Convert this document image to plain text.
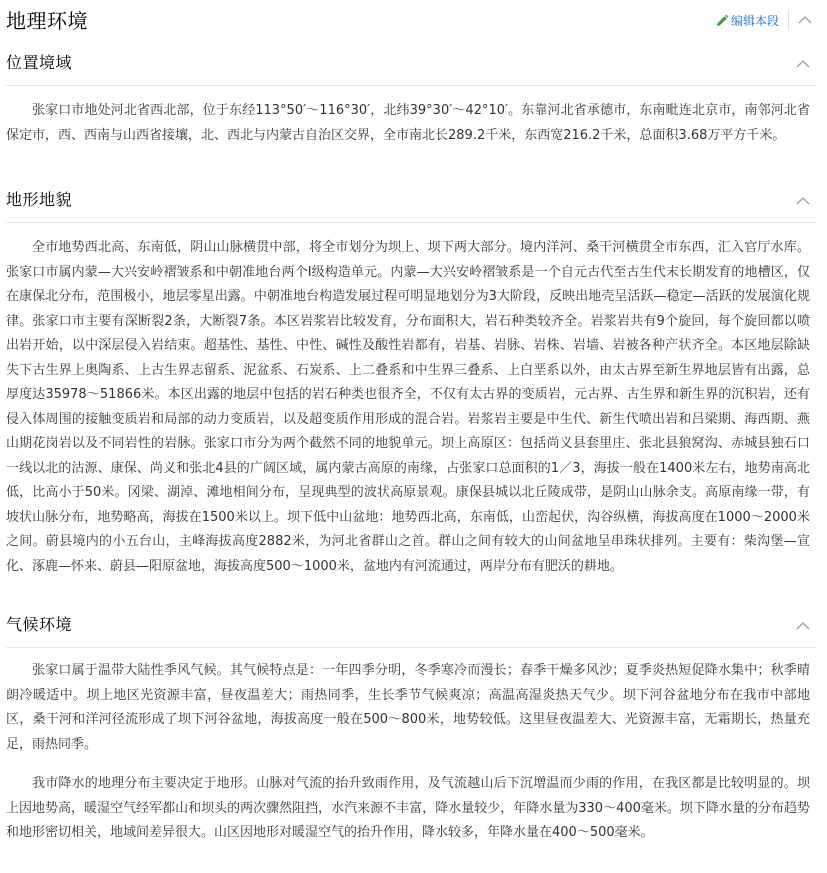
地理环境	编辑本段
位置境域

张家口市地处河北省西北部，位于东经113°50′～116°30′，北纬39°30′～42°10′。东靠河北省承德市，东南毗连北京市，南邻河北省保定市，西、西南与山西省接壤，北、西北与内蒙古自治区交界，全市南北长289.2千米，东西宽216.2千米，总面积3.68万平方千米。

地形地貌

全市地势西北高、东南低，阴山山脉横贯中部，将全市划分为坝上、坝下两大部分。境内洋河、桑干河横贯全市东西，汇入官厅水库。张家口市属内蒙—大兴安岭褶皱系和中朝准地台两个Ⅰ级构造单元。内蒙—大兴安岭褶皱系是一个自元古代至古生代末长期发育的地槽区，仅在康保北分布，范围极小，地层零星出露。中朝准地台构造发展过程可明显地划分为3大阶段，反映出地壳呈活跃—稳定—活跃的发展演化规律。张家口市主要有深断裂2条，大断裂7条。本区岩浆岩比较发育，分布面积大，岩石种类较齐全。岩浆岩共有9个旋回，每个旋回都以喷出岩开始，以中深层侵入岩结束。超基性、基性、中性、碱性及酸性岩都有，岩基、岩脉、岩株、岩墙、岩被各种产状齐全。本区地层除缺失下古生界上奥陶系、上古生界志留系、泥盆系、石炭系、上二叠系和中生界三叠系、上白垩系以外，由太古界至新生界地层皆有出露，总厚度达35978～51866米。本区出露的地层中包括的岩石种类也很齐全，不仅有太古界的变质岩，元古界、古生界和新生界的沉积岩，还有侵入体周围的接触变质岩和局部的动力变质岩，以及超变质作用形成的混合岩。岩浆岩主要是中生代、新生代喷出岩和吕梁期、海西期、燕山期花岗岩以及不同岩性的岩脉。张家口市分为两个截然不同的地貌单元。坝上高原区：包括尚义县套里庄、张北县狼窝沟、赤城县独石口一线以北的沽源、康保、尚义和张北4县的广阔区域，属内蒙古高原的南缘，占张家口总面积的1／3，海拔一般在1400米左右，地势南高北低，比高小于50米。冈梁、湖淖、滩地相间分布，呈现典型的波状高原景观。康保县城以北丘陵成带，是阴山山脉余支。高原南缘一带，有坡状山脉分布，地势略高，海拔在1500米以上。坝下低中山盆地：地势西北高，东南低，山峦起伏，沟谷纵横，海拔高度在1000～2000米之间。蔚县境内的小五台山，主峰海拔高度2882米，为河北省群山之首。群山之间有较大的山间盆地呈串珠状排列。主要有：柴沟堡—宣化、涿鹿—怀来、蔚县—阳原盆地，海拔高度500～1000米，盆地内有河流通过，两岸分布有肥沃的耕地。

气候环境

张家口属于温带大陆性季风气候。其气候特点是：一年四季分明，冬季寒冷而漫长；春季干燥多风沙；夏季炎热短促降水集中；秋季晴朗冷暖适中。坝上地区光资源丰富，昼夜温差大；雨热同季，生长季节气候爽凉；高温高湿炎热天气少。坝下河谷盆地分布在我市中部地区，桑干河和洋河径流形成了坝下河谷盆地，海拔高度一般在500～800米，地势较低。这里昼夜温差大、光资源丰富，无霜期长，热量充足，雨热同季。

我市降水的地理分布主要决定于地形。山脉对气流的抬升致雨作用，及气流越山后下沉增温而少雨的作用，在我区都是比较明显的。坝上因地势高，暖湿空气经军都山和坝头的两次骤然阻挡，水汽来源不丰富，降水量较少，年降水量为330～400毫米。坝下降水量的分布趋势和地形密切相关，地域间差异很大。山区因地形对暖湿空气的抬升作用，降水较多，年降水量在400～500毫米。
